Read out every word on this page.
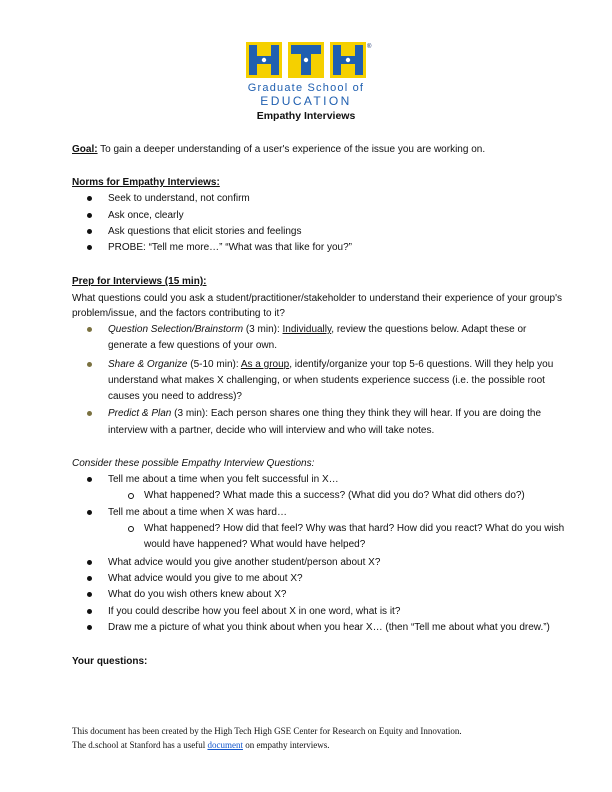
®
Graduate School of
EDUCATION
Empathy Interviews
Goal: To gain a deeper understanding of a user's experience of the issue you are working on.
Norms for Empathy Interviews:
Seek to understand, not confirm
Ask once, clearly
Ask questions that elicit stories and feelings
PROBE: “Tell me more…” “What was that like for you?”
Prep for Interviews (15 min):
What questions could you ask a student/practitioner/stakeholder to understand their experience of your group's
problem/issue, and the factors contributing to it?
Question Selection/Brainstorm (3 min): Individually, review the questions below. Adapt these or
generate a few questions of your own.
Share & Organize (5-10 min): As a group, identify/organize your top 5-6 questions. Will they help you
understand what makes X challenging, or when students experience success (i.e. the possible root
causes you need to address)?
Predict & Plan (3 min): Each person shares one thing they think they will hear. If you are doing the
interview with a partner, decide who will interview and who will take notes.
Consider these possible Empathy Interview Questions:
Tell me about a time when you felt successful in X…
What happened? What made this a success? (What did you do? What did others do?)
Tell me about a time when X was hard…
What happened? How did that feel? Why was that hard? How did you react? What do you wish
would have happened? What would have helped?
What advice would you give another student/person about X?
What advice would you give to me about X?
What do you wish others knew about X?
If you could describe how you feel about X in one word, what is it?
Draw me a picture of what you think about when you hear X… (then “Tell me about what you drew.”)
Your questions:
This document has been created by the High Tech High GSE Center for Research on Equity and Innovation.
The d.school at Stanford has a useful document on empathy interviews.
